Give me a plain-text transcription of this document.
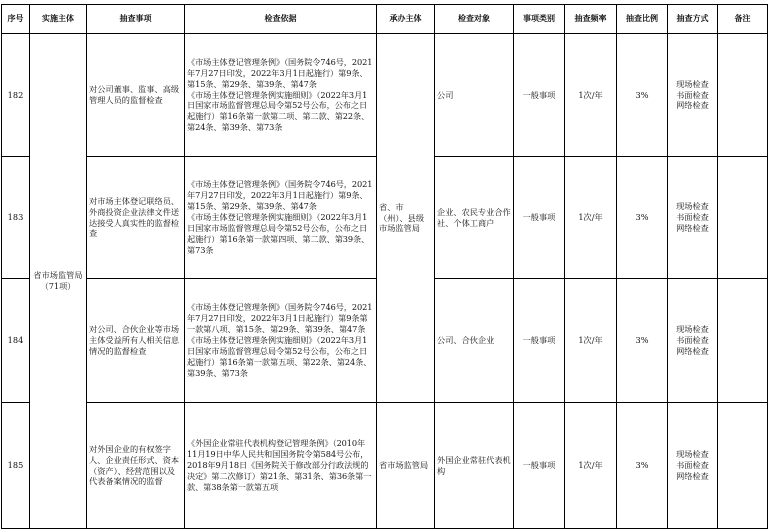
序号	实施主体	抽查事项	检查依据	承办主体	检查对象	事项类别	抽查频率	抽查比例	抽查方式	备注
182	省市场监管局（71项）	对公司董事、监事、高级管理人员的监督检查	《市场主体登记管理条例》（国务院令746号，2021年7月27日印发，2022年3月1日起施行）第9条、第15条、第29条、第39条、第47条
《市场主体登记管理条例实施细则》（2022年3月1日国家市场监督管理总局令第52号公布，公布之日起施行）第16条第一款第二项、第二款、第22条、第24条、第39条、第73条	省、市（州）、县级市场监管局	公司	一般事项	1次/年	3%	现场检查
书面检查
网络检查	

183		对市场主体登记联络员、外商投资企业法律文件送达接受人真实性的监督检查	《市场主体登记管理条例》（国务院令746号，2021年7月27日印发，2022年3月1日起施行）第9条、第15条、第29条、第39条、第47条
《市场主体登记管理条例实施细则》（2022年3月1日国家市场监督管理总局令第52号公布，公布之日起施行）第16条第一款第四项、第二款、第39条、第73条		企业、农民专业合作社、个体工商户	一般事项	1次/年	3%	现场检查
书面检查
网络检查	

184		对公司、合伙企业等市场主体受益所有人相关信息情况的监督检查	《市场主体登记管理条例》（国务院令746号，2021年7月27日印发，2022年3月1日起施行）第9条第一款第八项、第15条、第29条、第39条、第47条
《市场主体登记管理条例实施细则》（2022年3月1日国家市场监督管理总局令第52号公布，公布之日起施行）第16条第一款第五项、第22条、第24条、第39条、第73条		公司、合伙企业	一般事项	1次/年	3%	现场检查
书面检查
网络检查	

185		对外国企业的有权签字人、企业责任形式、资本（资产）、经营范围以及代表备案情况的监督	《外国企业常驻代表机构登记管理条例》（2010年11月19日中华人民共和国国务院令第584号公布，2018年9月18日《国务院关于修改部分行政法规的决定》第二次修订）第21条、第31条、第36条第一款、第38条第一款第五项	省市场监管局	外国企业常驻代表机构	一般事项	1次/年	3%	现场检查
书面检查
网络检查	
